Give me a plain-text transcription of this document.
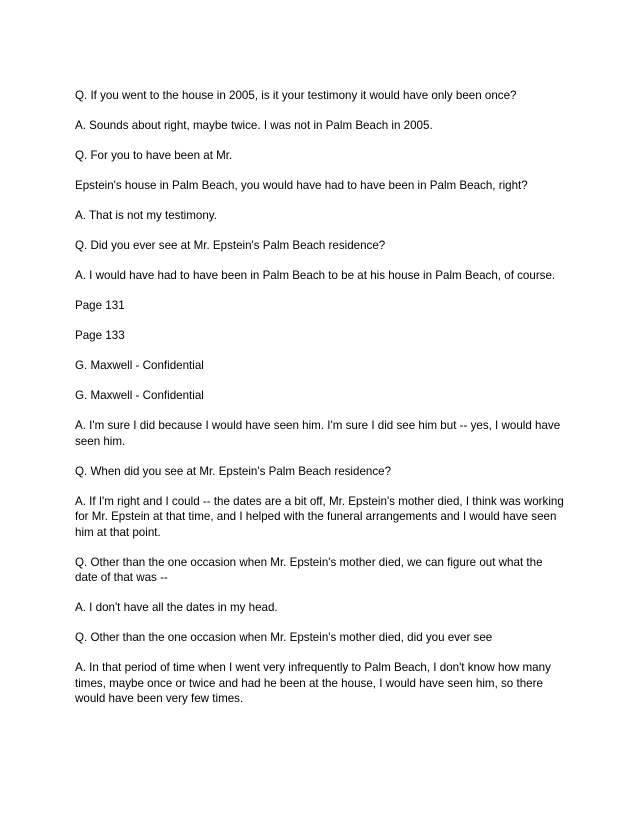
Q. If you went to the house in 2005, is it your testimony it would have only been once?

A. Sounds about right, maybe twice. I was not in Palm Beach in 2005.

Q. For you to have been at Mr.

Epstein's house in Palm Beach, you would have had to have been in Palm Beach, right?

A. That is not my testimony.

Q. Did you ever see at Mr. Epstein's Palm Beach residence?

A. I would have had to have been in Palm Beach to be at his house in Palm Beach, of course.

Page 131

Page 133

G. Maxwell - Confidential

G. Maxwell - Confidential

A. I'm sure I did because I would have seen him. I'm sure I did see him but -- yes, I would have seen him.

Q. When did you see at Mr. Epstein's Palm Beach residence?

A. If I'm right and I could -- the dates are a bit off, Mr. Epstein's mother died, I think was working for Mr. Epstein at that time, and I helped with the funeral arrangements and I would have seen him at that point.

Q. Other than the one occasion when Mr. Epstein's mother died, we can figure out what the date of that was --

A. I don't have all the dates in my head.

Q. Other than the one occasion when Mr. Epstein's mother died, did you ever see

A. In that period of time when I went very infrequently to Palm Beach, I don't know how many times, maybe once or twice and had he been at the house, I would have seen him, so there would have been very few times.
